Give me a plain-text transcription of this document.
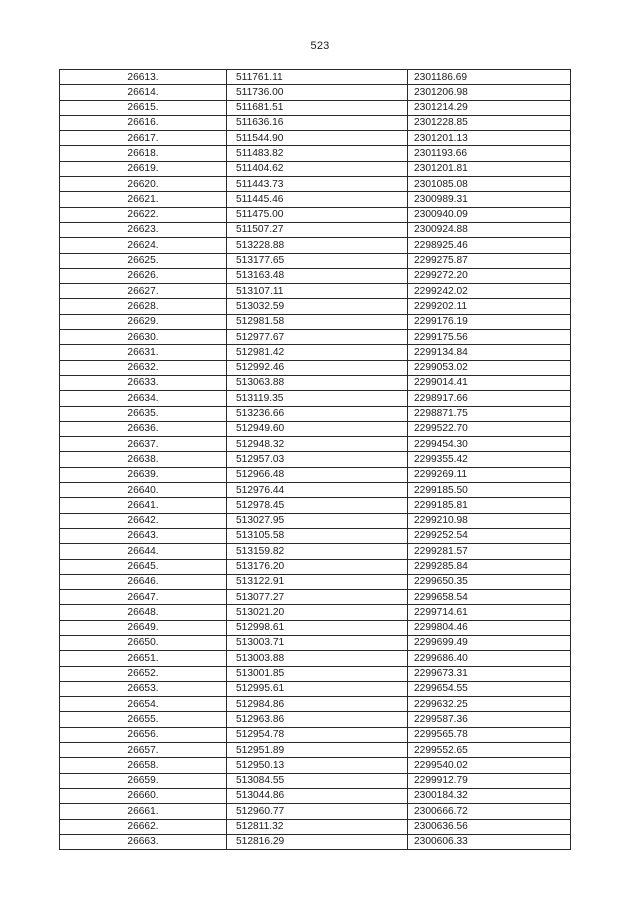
523
26613.	511761.11	2301186.69
26614.	511736.00	2301206.98
26615.	511681.51	2301214.29
26616.	511636.16	2301228.85
26617.	511544.90	2301201.13
26618.	511483.82	2301193.66
26619.	511404.62	2301201.81
26620.	511443.73	2301085.08
26621.	511445.46	2300989.31
26622.	511475.00	2300940.09
26623.	511507.27	2300924.88
26624.	513228.88	2298925.46
26625.	513177.65	2299275.87
26626.	513163.48	2299272.20
26627.	513107.11	2299242.02
26628.	513032.59	2299202.11
26629.	512981.58	2299176.19
26630.	512977.67	2299175.56
26631.	512981.42	2299134.84
26632.	512992.46	2299053.02
26633.	513063.88	2299014.41
26634.	513119.35	2298917.66
26635.	513236.66	2298871.75
26636.	512949.60	2299522.70
26637.	512948.32	2299454.30
26638.	512957.03	2299355.42
26639.	512966.48	2299269.11
26640.	512976.44	2299185.50
26641.	512978.45	2299185.81
26642.	513027.95	2299210.98
26643.	513105.58	2299252.54
26644.	513159.82	2299281.57
26645.	513176.20	2299285.84
26646.	513122.91	2299650.35
26647.	513077.27	2299658.54
26648.	513021.20	2299714.61
26649.	512998.61	2299804.46
26650.	513003.71	2299699.49
26651.	513003.88	2299686.40
26652.	513001.85	2299673.31
26653.	512995.61	2299654.55
26654.	512984.86	2299632.25
26655.	512963.86	2299587.36
26656.	512954.78	2299565.78
26657.	512951.89	2299552.65
26658.	512950.13	2299540.02
26659.	513084.55	2299912.79
26660.	513044.86	2300184.32
26661.	512960.77	2300666.72
26662.	512811.32	2300636.56
26663.	512816.29	2300606.33
